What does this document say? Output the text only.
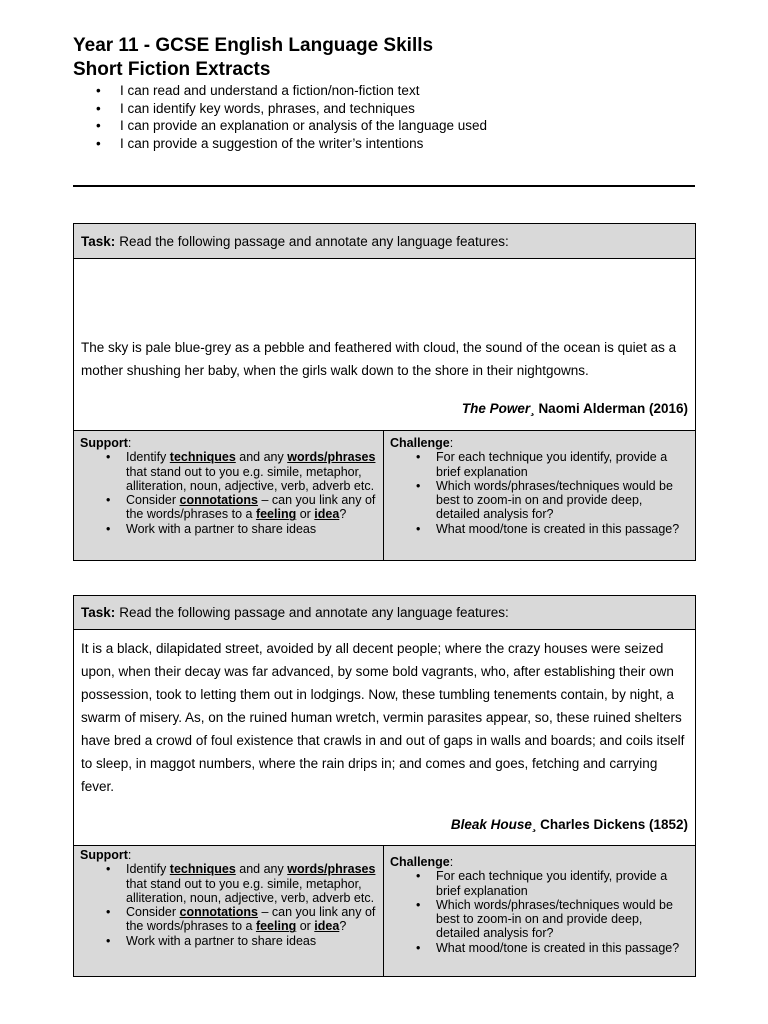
Year 11 - GCSE English Language Skills
Short Fiction Extracts
• I can read and understand a fiction/non-fiction text
• I can identify key words, phrases, and techniques
• I can provide an explanation or analysis of the language used
• I can provide a suggestion of the writer’s intentions
Task: Read the following passage and annotate any language features:

The sky is pale blue-grey as a pebble and feathered with cloud, the sound of the ocean is quiet as a mother shushing her baby, when the girls walk down to the shore in their nightgowns.

The Power¸ Naomi Alderman (2016)
Support:
• Identify techniques and any words/phrases that stand out to you e.g. simile, metaphor, alliteration, noun, adjective, verb, adverb etc.
• Consider connotations – can you link any of the words/phrases to a feeling or idea?
• Work with a partner to share ideas
Challenge:
• For each technique you identify, provide a brief explanation
• Which words/phrases/techniques would be best to zoom-in on and provide deep, detailed analysis for?
• What mood/tone is created in this passage?
Task: Read the following passage and annotate any language features:

It is a black, dilapidated street, avoided by all decent people; where the crazy houses were seized upon, when their decay was far advanced, by some bold vagrants, who, after establishing their own possession, took to letting them out in lodgings. Now, these tumbling tenements contain, by night, a swarm of misery. As, on the ruined human wretch, vermin parasites appear, so, these ruined shelters have bred a crowd of foul existence that crawls in and out of gaps in walls and boards; and coils itself to sleep, in maggot numbers, where the rain drips in; and comes and goes, fetching and carrying fever.

Bleak House¸ Charles Dickens (1852)
Support:
• Identify techniques and any words/phrases that stand out to you e.g. simile, metaphor, alliteration, noun, adjective, verb, adverb etc.
• Consider connotations – can you link any of the words/phrases to a feeling or idea?
• Work with a partner to share ideas
Challenge:
• For each technique you identify, provide a brief explanation
• Which words/phrases/techniques would be best to zoom-in on and provide deep, detailed analysis for?
• What mood/tone is created in this passage?
